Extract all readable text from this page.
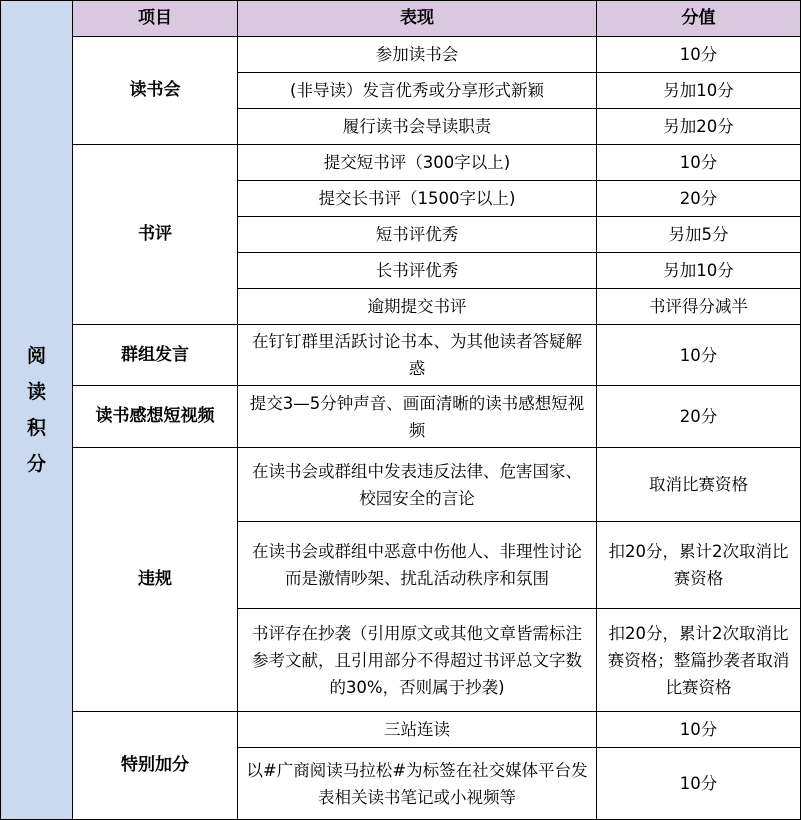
阅读积分	项目	表现	分值
	读书会	参加读书会	10分
		(非导读）发言优秀或分享形式新颖	另加10分
		履行读书会导读职责	另加20分
	书评	提交短书评（300字以上)	10分
		提交长书评（1500字以上)	20分
		短书评优秀	另加5分
		长书评优秀	另加10分
		逾期提交书评	书评得分减半
	群组发言	在钉钉群里活跃讨论书本、为其他读者答疑解惑	10分
	读书感想短视频	提交3—5分钟声音、画面清晰的读书感想短视频	20分
	违规	在读书会或群组中发表违反法律、危害国家、校园安全的言论	取消比赛资格
		在读书会或群组中恶意中伤他人、非理性讨论而是激情吵架、扰乱活动秩序和氛围	扣20分，累计2次取消比赛资格
		书评存在抄袭（引用原文或其他文章皆需标注参考文献，且引用部分不得超过书评总文字数的30%，否则属于抄袭)	扣20分，累计2次取消比赛资格；整篇抄袭者取消比赛资格
	特别加分	三站连读	10分
		以#广商阅读马拉松#为标签在社交媒体平台发表相关读书笔记或小视频等	10分
